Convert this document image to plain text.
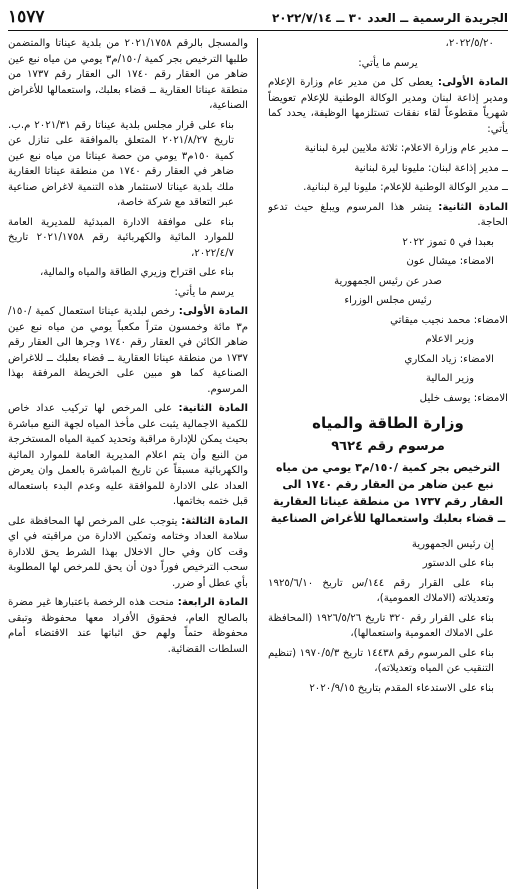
الجريدة الرسمية ــ العدد ٣٠ ــ ٢٠٢٢/٧/١٤
١٥٧٧

٢٠٢٢/٥/٢٠،

يرسم ما يأتي:

المادة الأولى: يعطى كل من مدير عام وزارة الإعلام ومدير إذاعة لبنان ومدير الوكالة الوطنية للإعلام تعويضاً شهرياً مقطوعاً لقاء نفقات تستلزمها الوظيفة، يحدد كما يأتي:

ــ مدير عام وزارة الاعلام: ثلاثة ملايين ليرة لبنانية

ــ مدير إذاعة لبنان: مليونا ليرة لبنانية

ــ مدير الوكالة الوطنية للإعلام: مليونا ليرة لبنانية.

المادة الثانية: ينشر هذا المرسوم ويبلغ حيث تدعو الحاجة.

بعبدا في ٥ تموز ٢٠٢٢

الامضاء: ميشال عون

صدر عن رئيس الجمهورية

رئيس مجلس الوزراء

الامضاء: محمد نجيب ميقاتي

وزير الاعلام

الامضاء: زياد المكاري

وزير المالية

الامضاء: يوسف خليل

وزارة الطاقة والمياه
مرسوم رقم ٩٦٢٤
الترخيص بجر كمية /١٥٠/م٣ يومي من مياه نبع عين ضاهر من العقار رقم ١٧٤٠ الى العقار رقم ١٧٣٧ من منطقة عيناتا العقارية ــ قضاء بعلبك واستعمالها للأغراض الصناعية

إن رئيس الجمهورية

بناء على الدستور

بناء على القرار رقم ١٤٤/س تاريخ ١٩٢٥/٦/١٠ وتعديلاته (الاملاك العمومية)،

بناء على القرار رقم ٣٢٠ تاريخ ١٩٢٦/٥/٢٦ (المحافظة على الاملاك العمومية واستعمالها)،

بناء على المرسوم رقم ١٤٤٣٨ تاريخ ١٩٧٠/٥/٣ (تنظيم التنقيب عن المياه وتعديلاته)،

بناء على الاستدعاء المقدم بتاريخ ٢٠٢٠/٩/١٥

والمسجل بالرقم ٢٠٢١/١٧٥٨ من بلدية عيناتا والمتضمن طلبها الترخيص بجر كمية /١٥٠/م٣ يومي من مياه نبع عين ضاهر من العقار رقم ١٧٤٠ الى العقار رقم ١٧٣٧ من منطقة عيناتا العقارية ــ قضاء بعلبك، واستعمالها للأغراض الصناعية،

بناء على قرار مجلس بلدية عيناتا رقم ٢٠٢١/٣١ م.ب. تاريخ ٢٠٢١/٨/٢٧ المتعلق بالموافقة على تنازل عن كمية ١٥٠م٣ يومي من حصة عيناتا من مياه نبع عين ضاهر في العقار رقم ١٧٤٠ من منطقة عيناتا العقارية ملك بلدية عيناتا لاستثمار هذه التنمية لاغراض صناعية عبر التعاقد مع شركة خاصة،

بناء على موافقة الادارة المبدئية للمديرية العامة للموارد المائية والكهربائية رقم ٢٠٢١/١٧٥٨ تاريخ ٢٠٢٢/٤/٧،

بناء على اقتراح وزيري الطاقة والمياه والمالية،

يرسم ما يأتي:

المادة الأولى: رخص لبلدية عيناتا استعمال كمية /١٥٠/م٣ مائة وخمسون متراً مكعباً يومي من مياه نبع عين ضاهر الكائن في العقار رقم ١٧٤٠ وجرها الى العقار رقم ١٧٣٧ من منطقة عيناتا العقارية ــ قضاء بعلبك ــ للاغراض الصناعية كما هو مبين على الخريطة المرفقة بهذا المرسوم.

المادة الثانية: على المرخص لها تركيب عداد خاص للكمية الاجمالية يثبت على مأخذ المياه لجهة النبع مباشرة بحيث يمكن للإدارة مراقبة وتحديد كمية المياه المستخرجة من النبع وأن يتم اعلام المديرية العامة للموارد المائية والكهربائية مسبقاً عن تاريخ المباشرة بالعمل وان يعرض العداد على الادارة للموافقة عليه وعدم البدء باستعماله قبل ختمه بخاتمها.

المادة الثالثة: يتوجب على المرخص لها المحافظة على سلامة العداد وختامه وتمكين الادارة من مراقبته في اي وقت كان وفي حال الاخلال بهذا الشرط يحق للادارة سحب الترخيص فوراً دون أن يحق للمرخص لها المطلوبة بأي عطل أو ضرر.

المادة الرابعة: منحت هذه الرخصة باعتبارها غير مضرة بالصالح العام، فحقوق الأفراد معها محفوظة وتبقى محفوظة حتماً ولهم حق اثباتها عند الاقتضاء أمام السلطات القضائية.
